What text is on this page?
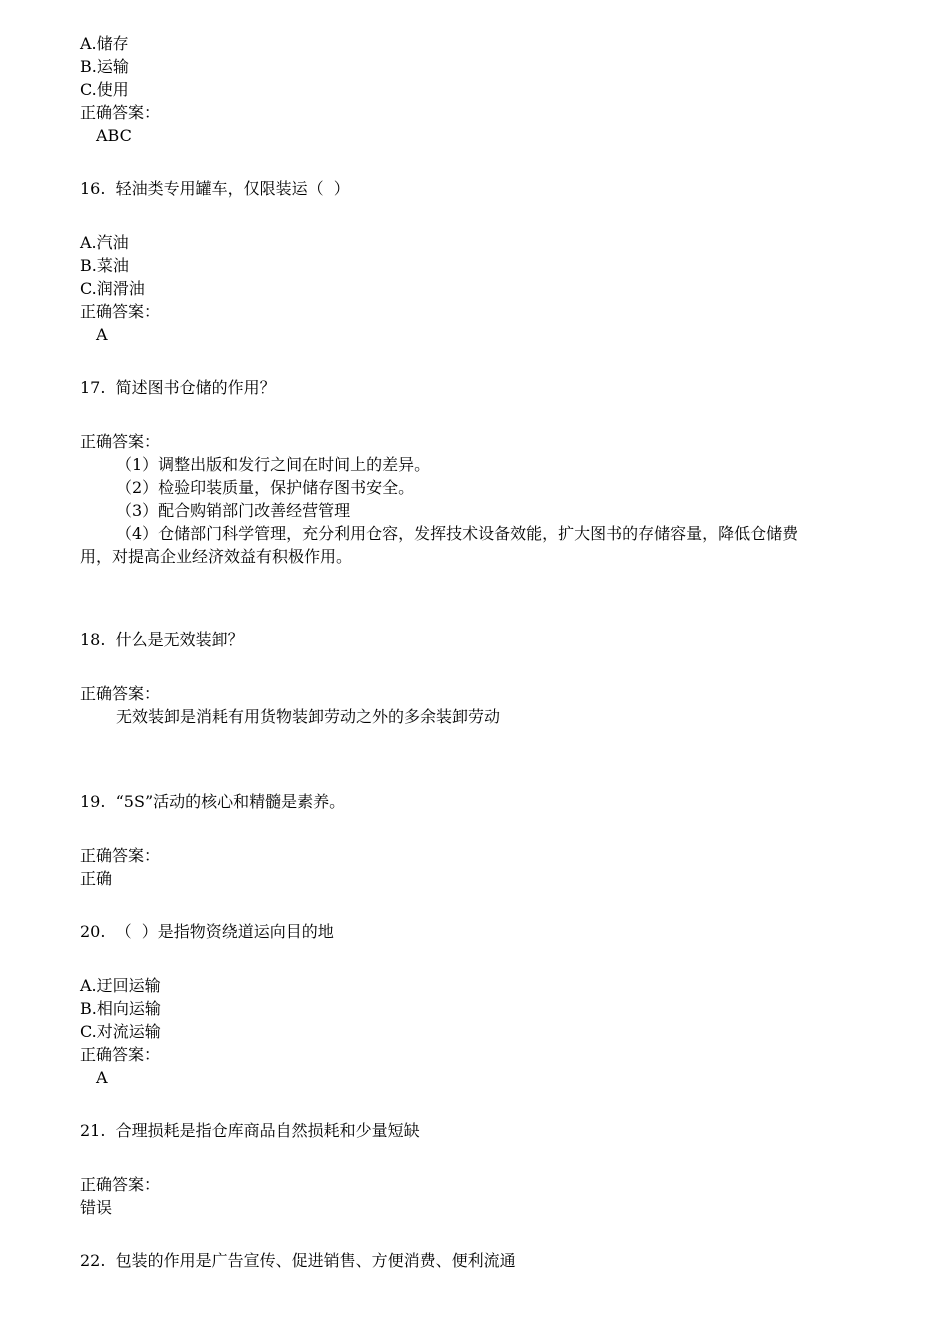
A.储存
B.运输
C.使用
正确答案：
ABC
16.  轻油类专用罐车，仅限装运（  ）
A.汽油
B.菜油
C.润滑油
正确答案：
A
17.  简述图书仓储的作用？
正确答案：
（1）调整出版和发行之间在时间上的差异。
（2）检验印装质量，保护储存图书安全。
（3）配合购销部门改善经营管理
（4）仓储部门科学管理，充分利用仓容，发挥技术设备效能，扩大图书的存储容量，降低仓储费
用，对提高企业经济效益有积极作用。
18.  什么是无效装卸？
正确答案：
无效装卸是消耗有用货物装卸劳动之外的多余装卸劳动
19.  “5S”活动的核心和精髓是素养。
正确答案：
正确
20.  （  ）是指物资绕道运向目的地
A.迂回运输
B.相向运输
C.对流运输
正确答案：
A
21.  合理损耗是指仓库商品自然损耗和少量短缺
正确答案：
错误
22.  包装的作用是广告宣传、促进销售、方便消费、便利流通
